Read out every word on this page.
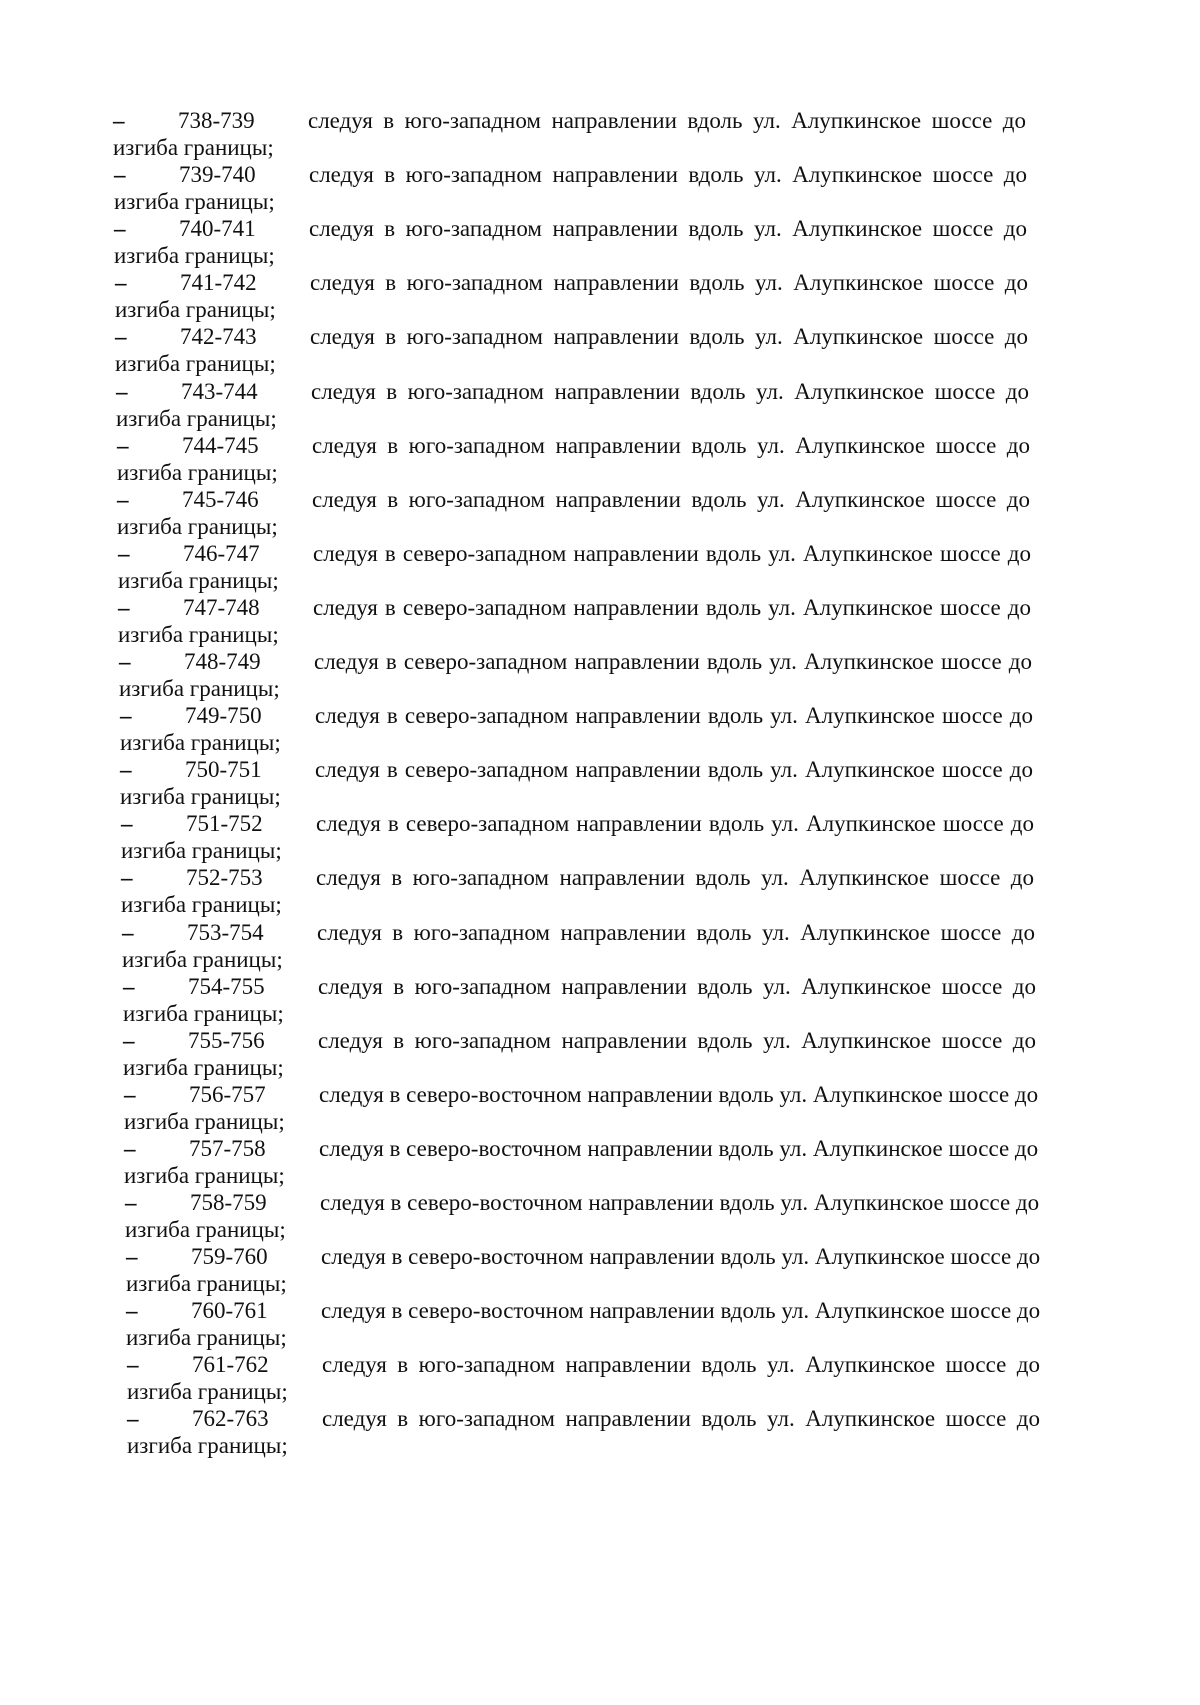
– 738-739 следуя в юго-западном направлении вдоль ул. Алупкинское шоссе до
изгиба границы;
– 739-740 следуя в юго-западном направлении вдоль ул. Алупкинское шоссе до
изгиба границы;
– 740-741 следуя в юго-западном направлении вдоль ул. Алупкинское шоссе до
изгиба границы;
– 741-742 следуя в юго-западном направлении вдоль ул. Алупкинское шоссе до
изгиба границы;
– 742-743 следуя в юго-западном направлении вдоль ул. Алупкинское шоссе до
изгиба границы;
– 743-744 следуя в юго-западном направлении вдоль ул. Алупкинское шоссе до
изгиба границы;
– 744-745 следуя в юго-западном направлении вдоль ул. Алупкинское шоссе до
изгиба границы;
– 745-746 следуя в юго-западном направлении вдоль ул. Алупкинское шоссе до
изгиба границы;
– 746-747 следуя в северо-западном направлении вдоль ул. Алупкинское шоссе до
изгиба границы;
– 747-748 следуя в северо-западном направлении вдоль ул. Алупкинское шоссе до
изгиба границы;
– 748-749 следуя в северо-западном направлении вдоль ул. Алупкинское шоссе до
изгиба границы;
– 749-750 следуя в северо-западном направлении вдоль ул. Алупкинское шоссе до
изгиба границы;
– 750-751 следуя в северо-западном направлении вдоль ул. Алупкинское шоссе до
изгиба границы;
– 751-752 следуя в северо-западном направлении вдоль ул. Алупкинское шоссе до
изгиба границы;
– 752-753 следуя в юго-западном направлении вдоль ул. Алупкинское шоссе до
изгиба границы;
– 753-754 следуя в юго-западном направлении вдоль ул. Алупкинское шоссе до
изгиба границы;
– 754-755 следуя в юго-западном направлении вдоль ул. Алупкинское шоссе до
изгиба границы;
– 755-756 следуя в юго-западном направлении вдоль ул. Алупкинское шоссе до
изгиба границы;
– 756-757 следуя в северо-восточном направлении вдоль ул. Алупкинское шоссе до
изгиба границы;
– 757-758 следуя в северо-восточном направлении вдоль ул. Алупкинское шоссе до
изгиба границы;
– 758-759 следуя в северо-восточном направлении вдоль ул. Алупкинское шоссе до
изгиба границы;
– 759-760 следуя в северо-восточном направлении вдоль ул. Алупкинское шоссе до
изгиба границы;
– 760-761 следуя в северо-восточном направлении вдоль ул. Алупкинское шоссе до
изгиба границы;
– 761-762 следуя в юго-западном направлении вдоль ул. Алупкинское шоссе до
изгиба границы;
– 762-763 следуя в юго-западном направлении вдоль ул. Алупкинское шоссе до
изгиба границы;
